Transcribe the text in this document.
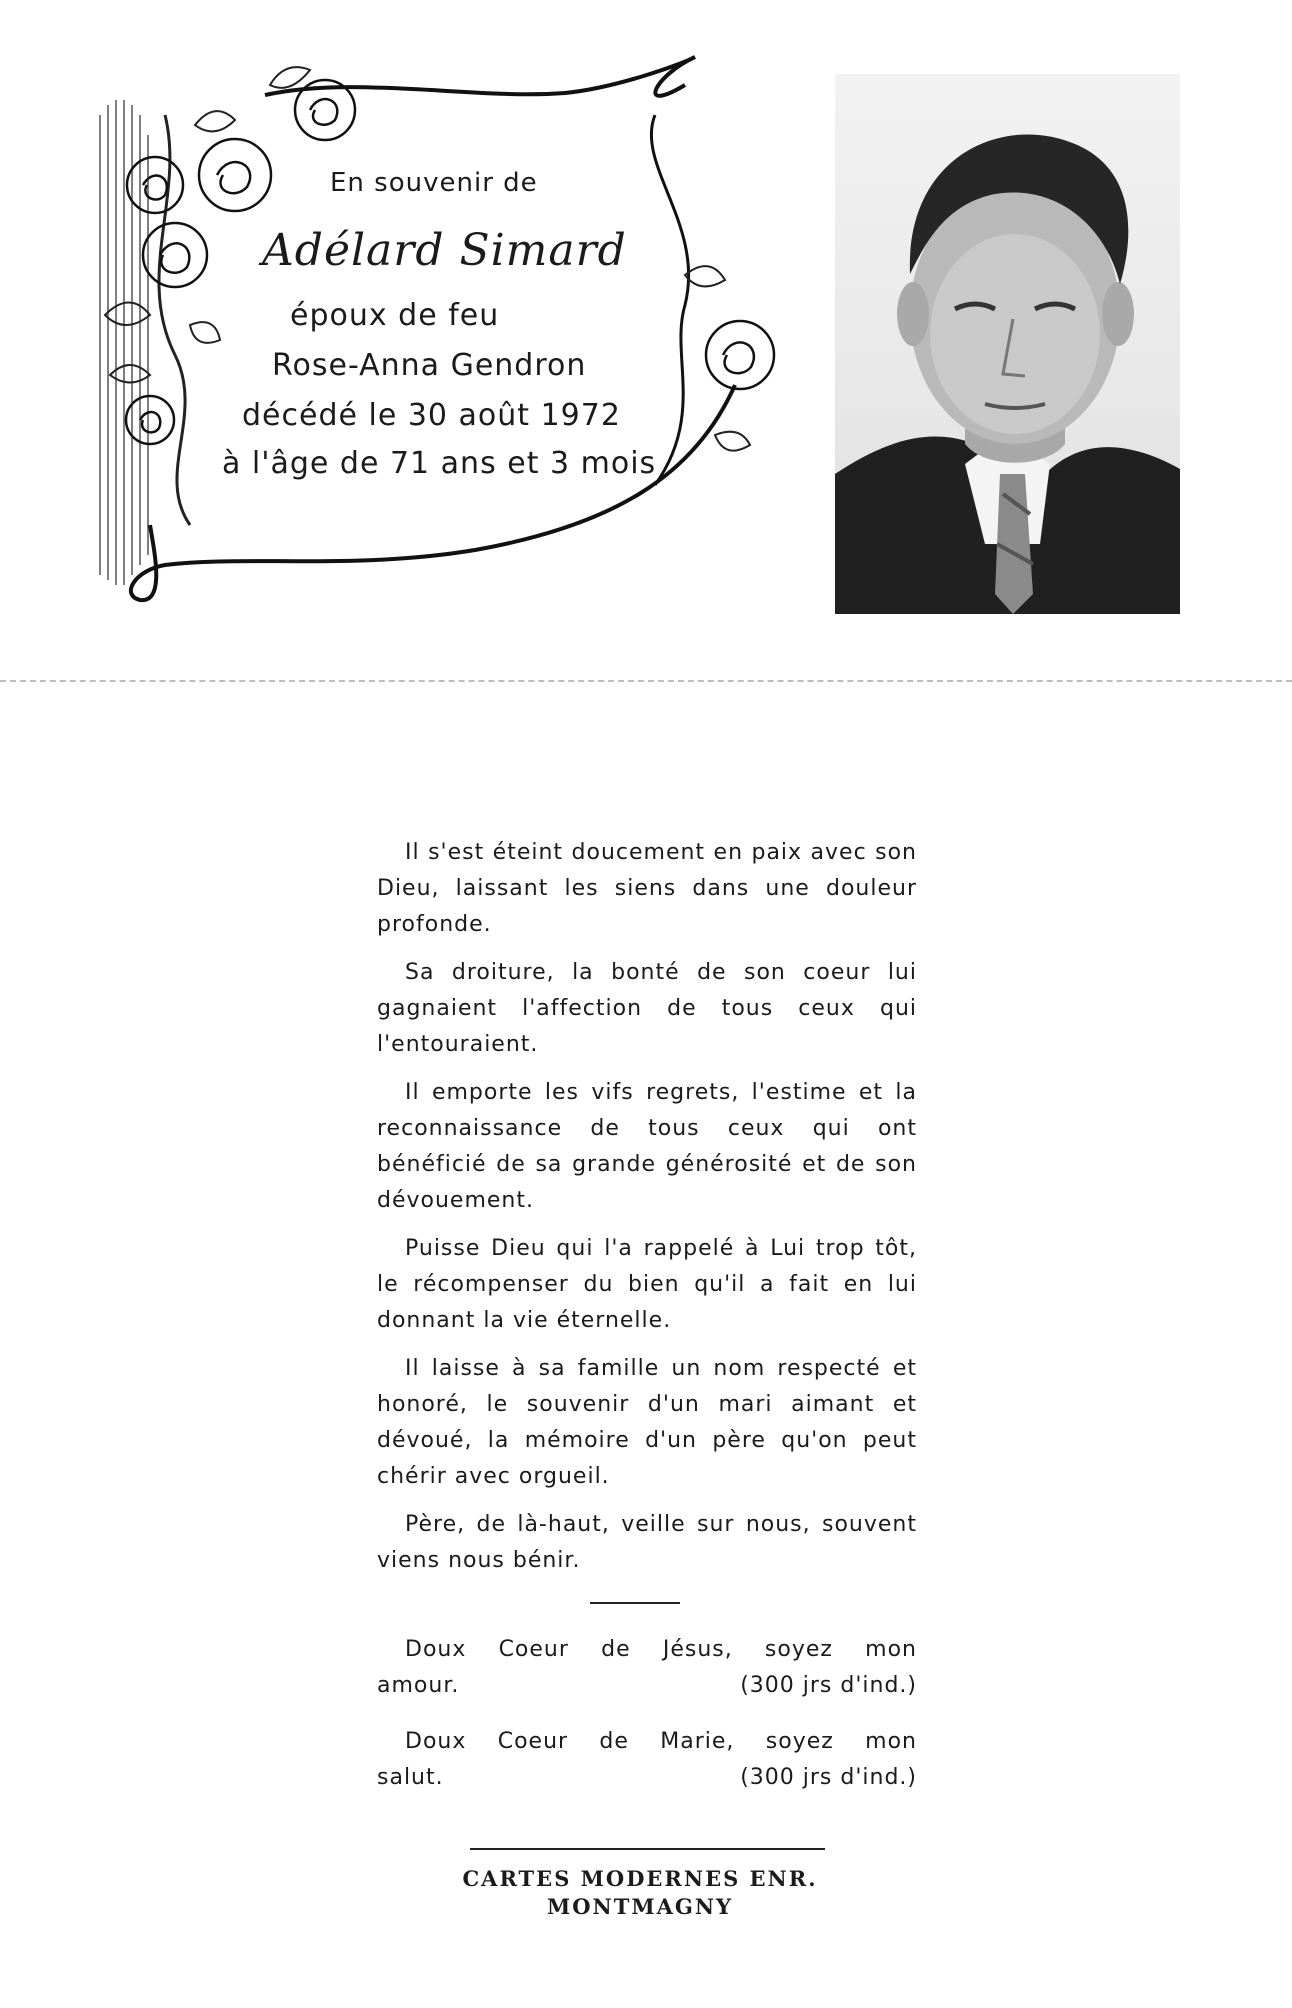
En souvenir de
Adélard Simard
époux de feu
Rose-Anna Gendron
décédé le 30 août 1972
à l'âge de 71 ans et 3 mois

Il s'est éteint doucement en paix avec son Dieu, laissant les siens dans une douleur profonde.

Sa droiture, la bonté de son coeur lui gagnaient l'affection de tous ceux qui l'entouraient.

Il emporte les vifs regrets, l'estime et la reconnaissance de tous ceux qui ont bénéficié de sa grande générosité et de son dévouement.

Puisse Dieu qui l'a rappelé à Lui trop tôt, le récompenser du bien qu'il a fait en lui donnant la vie éternelle.

Il laisse à sa famille un nom respecté et honoré, le souvenir d'un mari aimant et dévoué, la mémoire d'un père qu'on peut chérir avec orgueil.

Père, de là-haut, veille sur nous, souvent viens nous bénir.

Doux Coeur de Jésus, soyez mon
amour.	(300 jrs d'ind.)
Doux Coeur de Marie, soyez mon
salut.	(300 jrs d'ind.)
CARTES MODERNES ENR.
MONTMAGNY
